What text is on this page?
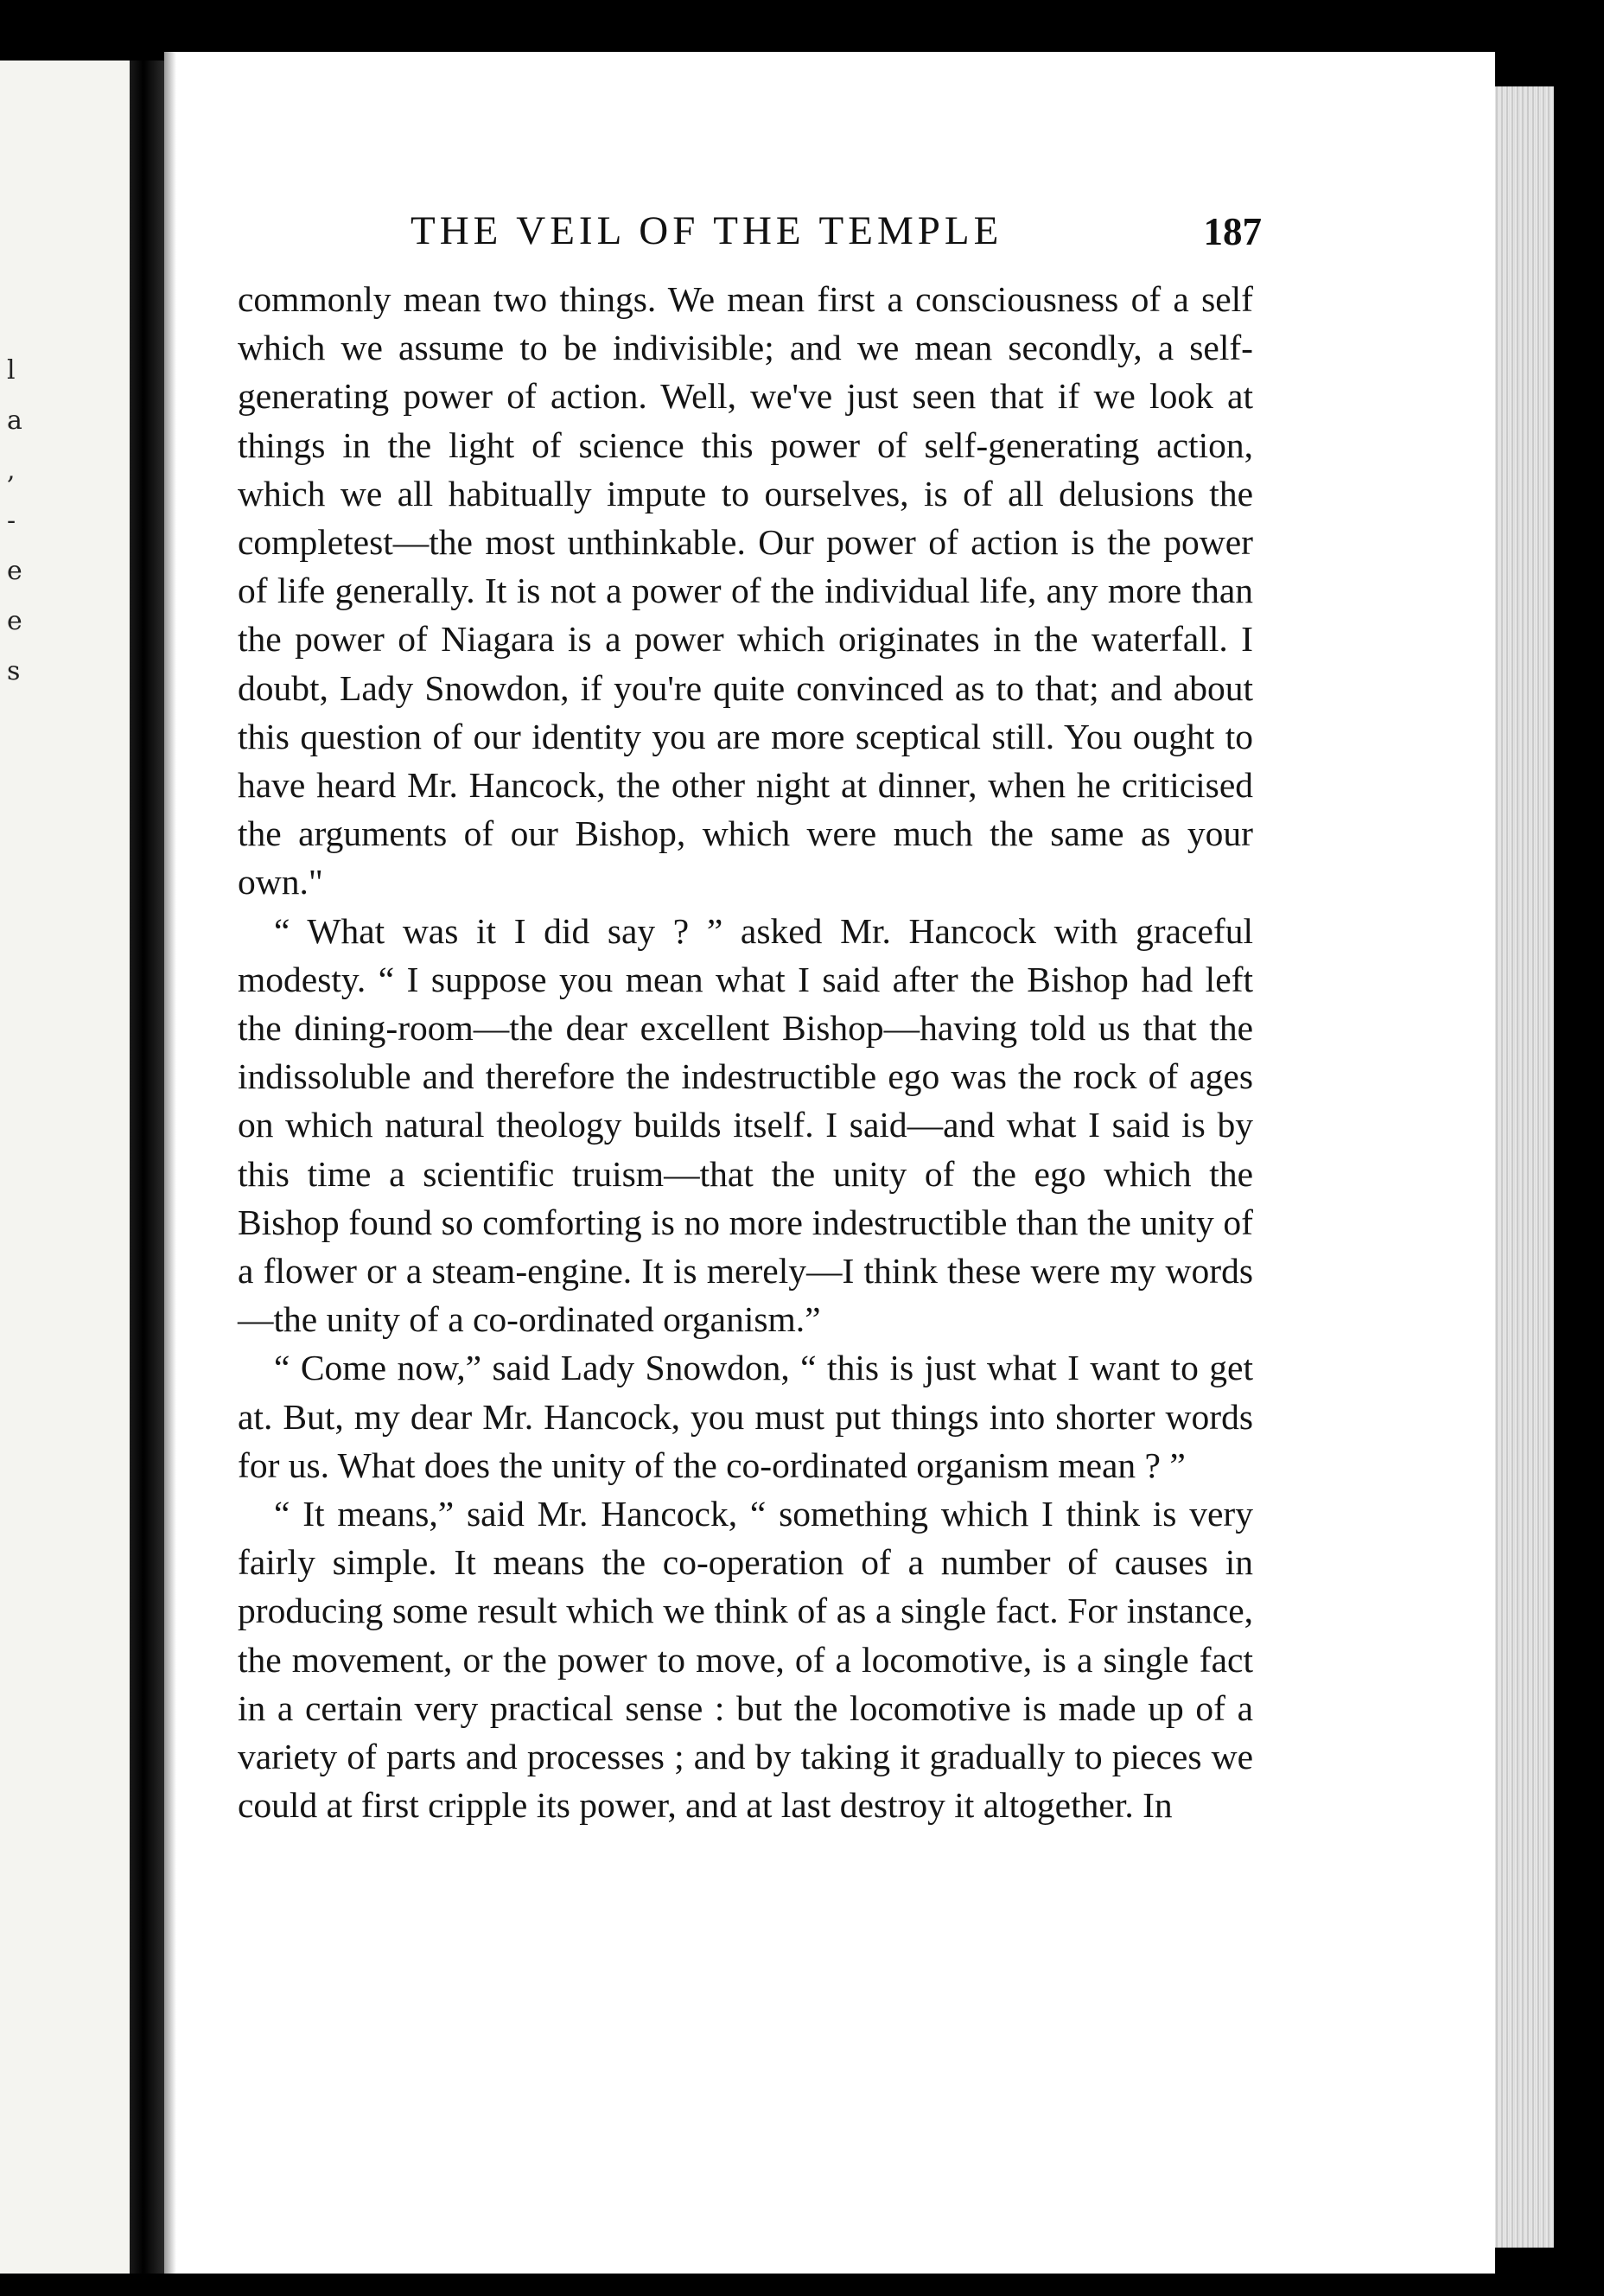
l
a
,
-
e
e
s
THE VEIL OF THE TEMPLE	187

commonly mean two things. We mean first a consciousness of a self which we assume to be indivisible; and we mean secondly, a self-generating power of action. Well, we've just seen that if we look at things in the light of science this power of self-generating action, which we all habitually impute to ourselves, is of all delusions the completest—the most unthinkable. Our power of action is the power of life generally. It is not a power of the individual life, any more than the power of Niagara is a power which originates in the waterfall. I doubt, Lady Snowdon, if you're quite convinced as to that; and about this question of our identity you are more sceptical still. You ought to have heard Mr. Hancock, the other night at dinner, when he criticised the arguments of our Bishop, which were much the same as your own."

“ What was it I did say ? ” asked Mr. Hancock with graceful modesty. “ I suppose you mean what I said after the Bishop had left the dining-room—the dear excellent Bishop—having told us that the indissoluble and therefore the indestructible ego was the rock of ages on which natural theology builds itself. I said—and what I said is by this time a scientific truism—that the unity of the ego which the Bishop found so comforting is no more indestructible than the unity of a flower or a steam-engine. It is merely—I think these were my words—the unity of a co-ordinated organism.”

“ Come now,” said Lady Snowdon, “ this is just what I want to get at. But, my dear Mr. Hancock, you must put things into shorter words for us. What does the unity of the co-ordinated organism mean ? ”

“ It means,” said Mr. Hancock, “ something which I think is very fairly simple. It means the co-operation of a number of causes in producing some result which we think of as a single fact. For instance, the movement, or the power to move, of a locomotive, is a single fact in a certain very practical sense : but the locomotive is made up of a variety of parts and processes ; and by taking it gradually to pieces we could at first cripple its power, and at last destroy it altogether. In
